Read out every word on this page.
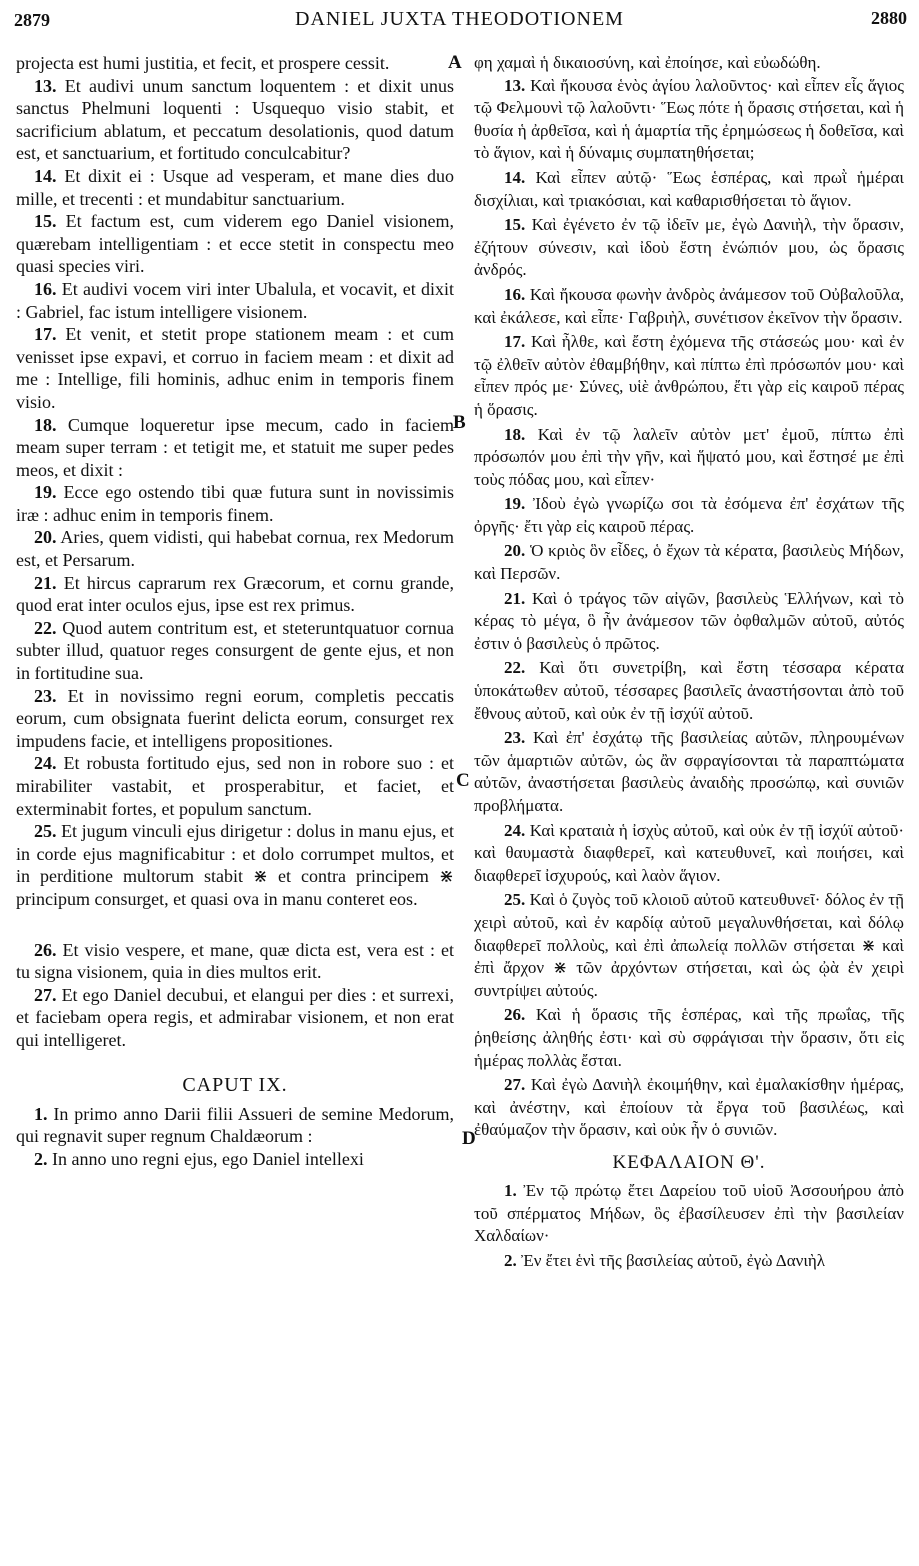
2879	DANIEL JUXTA THEODOTIONEM	2880
A
B
C
D

projecta est humi justitia, et fecit, et prospere cessit.

13. Et audivi unum sanctum loquentem : et dixit unus sanctus Phelmuni loquenti : Usquequo visio stabit, et sacrificium ablatum, et peccatum desolationis, quod datum est, et sanctuarium, et fortitudo conculcabitur?

14. Et dixit ei : Usque ad vesperam, et mane dies duo mille, et trecenti : et mundabitur sanctuarium.

15. Et factum est, cum viderem ego Daniel visionem, quærebam intelligentiam : et ecce stetit in conspectu meo quasi species viri.

16. Et audivi vocem viri inter Ubalula, et vocavit, et dixit : Gabriel, fac istum intelligere visionem.

17. Et venit, et stetit prope stationem meam : et cum venisset ipse expavi, et corruo in faciem meam : et dixit ad me : Intellige, fili hominis, adhuc enim in temporis finem visio.

18. Cumque loqueretur ipse mecum, cado in faciem meam super terram : et tetigit me, et statuit me super pedes meos, et dixit :

19. Ecce ego ostendo tibi quæ futura sunt in novissimis iræ : adhuc enim in temporis finem.

20. Aries, quem vidisti, qui habebat cornua, rex Medorum est, et Persarum.

21. Et hircus caprarum rex Græcorum, et cornu grande, quod erat inter oculos ejus, ipse est rex primus.

22. Quod autem contritum est, et steteruntquatuor cornua subter illud, quatuor reges consurgent de gente ejus, et non in fortitudine sua.

23. Et in novissimo regni eorum, completis peccatis eorum, cum obsignata fuerint delicta eorum, consurget rex impudens facie, et intelligens propositiones.

24. Et robusta fortitudo ejus, sed non in robore suo : et mirabiliter vastabit, et prosperabitur, et faciet, et exterminabit fortes, et populum sanctum.

25. Et jugum vinculi ejus dirigetur : dolus in manu ejus, et in corde ejus magnificabitur : et dolo corrumpet multos, et in perditione multorum stabit ⋇ et contra principem ⋇ principum consurget, et quasi ova in manu conteret eos.

26. Et visio vespere, et mane, quæ dicta est, vera est : et tu signa visionem, quia in dies multos erit.

27. Et ego Daniel decubui, et elangui per dies : et surrexi, et faciebam opera regis, et admirabar visionem, et non erat qui intelligeret.

CAPUT IX.

1. In primo anno Darii filii Assueri de semine Medorum, qui regnavit super regnum Chaldæorum :

2. In anno uno regni ejus, ego Daniel intellexi

φη χαμαὶ ἡ δικαιοσύνη, καὶ ἐποίησε, καὶ εὐωδώθη.

13. Καὶ ἤκουσα ἑνὸς ἁγίου λαλοῦντος· καὶ εἶπεν εἷς ἅγιος τῷ Φελμουνὶ τῷ λαλοῦντι· Ἕως πότε ἡ ὅρασις στήσεται, καὶ ἡ θυσία ἡ ἀρθεῖσα, καὶ ἡ ἁμαρτία τῆς ἐρημώσεως ἡ δοθεῖσα, καὶ τὸ ἅγιον, καὶ ἡ δύναμις συμπατηθήσεται;

14. Καὶ εἶπεν αὐτῷ· Ἕως ἑσπέρας, καὶ πρωῒ ἡμέραι δισχίλιαι, καὶ τριακόσιαι, καὶ καθαρισθήσεται τὸ ἅγιον.

15. Καὶ ἐγένετο ἐν τῷ ἰδεῖν με, ἐγὼ Δανιὴλ, τὴν ὅρασιν, ἐζήτουν σύνεσιν, καὶ ἰδοὺ ἔστη ἐνώπιόν μου, ὡς ὅρασις ἀνδρός.

16. Καὶ ἤκουσα φωνὴν ἀνδρὸς ἀνάμεσον τοῦ Οὐβαλοῦλα, καὶ ἐκάλεσε, καὶ εἶπε· Γαβριὴλ, συνέτισον ἐκεῖνον τὴν ὅρασιν.

17. Καὶ ἦλθε, καὶ ἔστη ἐχόμενα τῆς στάσεώς μου· καὶ ἐν τῷ ἐλθεῖν αὐτὸν ἐθαμβήθην, καὶ πίπτω ἐπὶ πρόσωπόν μου· καὶ εἶπεν πρός με· Σύνες, υἱὲ ἀνθρώπου, ἔτι γὰρ εἰς καιροῦ πέρας ἡ ὅρασις.

18. Καὶ ἐν τῷ λαλεῖν αὐτὸν μετ' ἐμοῦ, πίπτω ἐπὶ πρόσωπόν μου ἐπὶ τὴν γῆν, καὶ ἥψατό μου, καὶ ἔστησέ με ἐπὶ τοὺς πόδας μου, καὶ εἶπεν·

19. Ἰδοὺ ἐγὼ γνωρίζω σοι τὰ ἐσόμενα ἐπ' ἐσχάτων τῆς ὀργῆς· ἔτι γὰρ εἰς καιροῦ πέρας.

20. Ὁ κριὸς ὃν εἶδες, ὁ ἔχων τὰ κέρατα, βασιλεὺς Μήδων, καὶ Περσῶν.

21. Καὶ ὁ τράγος τῶν αἰγῶν, βασιλεὺς Ἑλλήνων, καὶ τὸ κέρας τὸ μέγα, ὃ ἦν ἀνάμεσον τῶν ὀφθαλμῶν αὐτοῦ, αὐτός ἐστιν ὁ βασιλεὺς ὁ πρῶτος.

22. Καὶ ὅτι συνετρίβη, καὶ ἔστη τέσσαρα κέρατα ὑποκάτωθεν αὐτοῦ, τέσσαρες βασιλεῖς ἀναστήσονται ἀπὸ τοῦ ἔθνους αὐτοῦ, καὶ οὐκ ἐν τῇ ἰσχύϊ αὐτοῦ.

23. Καὶ ἐπ' ἐσχάτῳ τῆς βασιλείας αὐτῶν, πληρουμένων τῶν ἁμαρτιῶν αὐτῶν, ὡς ἂν σφραγίσονται τὰ παραπτώματα αὐτῶν, ἀναστήσεται βασιλεὺς ἀναιδὴς προσώπῳ, καὶ συνιῶν προβλήματα.

24. Καὶ κραταιὰ ἡ ἰσχὺς αὐτοῦ, καὶ οὐκ ἐν τῇ ἰσχύϊ αὐτοῦ· καὶ θαυμαστὰ διαφθερεῖ, καὶ κατευθυνεῖ, καὶ ποιήσει, καὶ διαφθερεῖ ἰσχυρούς, καὶ λαὸν ἅγιον.

25. Καὶ ὁ ζυγὸς τοῦ κλοιοῦ αὐτοῦ κατευθυνεῖ· δόλος ἐν τῇ χειρὶ αὐτοῦ, καὶ ἐν καρδίᾳ αὐτοῦ μεγαλυνθήσεται, καὶ δόλῳ διαφθερεῖ πολλοὺς, καὶ ἐπὶ ἀπωλείᾳ πολλῶν στήσεται ⋇ καὶ ἐπὶ ἄρχον ⋇ τῶν ἀρχόντων στήσεται, καὶ ὡς ᾠὰ ἐν χειρὶ συντρίψει αὐτούς.

26. Καὶ ἡ ὅρασις τῆς ἑσπέρας, καὶ τῆς πρωΐας, τῆς ῥηθείσης ἀληθής ἐστι· καὶ σὺ σφράγισαι τὴν ὅρασιν, ὅτι εἰς ἡμέρας πολλὰς ἔσται.

27. Καὶ ἐγὼ Δανιὴλ ἐκοιμήθην, καὶ ἐμαλακίσθην ἡμέρας, καὶ ἀνέστην, καὶ ἐποίουν τὰ ἔργα τοῦ βασιλέως, καὶ ἐθαύμαζον τὴν ὅρασιν, καὶ οὐκ ἦν ὁ συνιῶν.

ΚΕΦΑΛΑΙΟΝ Θ'.

1. Ἐν τῷ πρώτῳ ἔτει Δαρείου τοῦ υἱοῦ Ἀσσουήρου ἀπὸ τοῦ σπέρματος Μήδων, ὃς ἐβασίλευσεν ἐπὶ τὴν βασιλείαν Χαλδαίων·

2. Ἐν ἔτει ἑνὶ τῆς βασιλείας αὐτοῦ, ἐγὼ Δανιὴλ
